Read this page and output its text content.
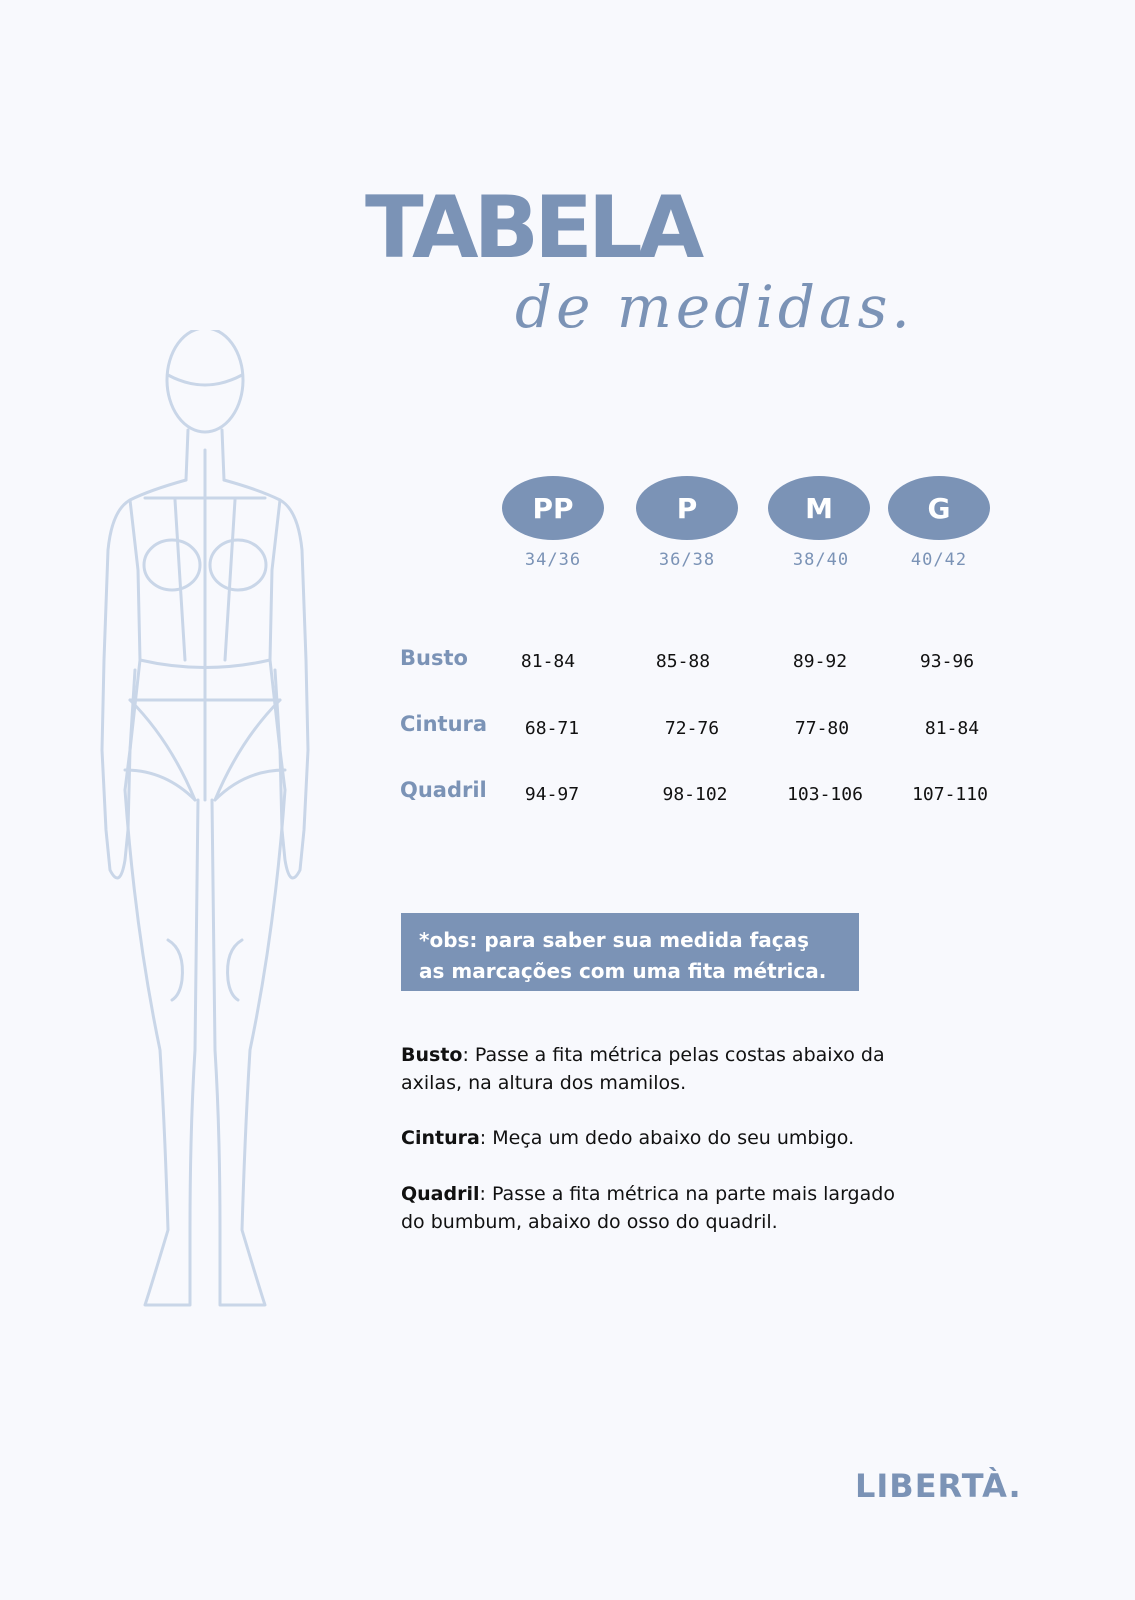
TABELA
de medidas.
PP	P	M	G
34/36	36/38	38/40	40/42
Busto	81-84	85-88	89-92	93-96
Cintura	68-71	72-76	77-80	81-84
Quadril	94-97	98-102	103-106	107-110
*obs: para saber sua medida façaş as marcações com uma fita métrica.
Busto: Passe a fita métrica pelas costas abaixo da axilas, na altura dos mamilos.
Cintura: Meça um dedo abaixo do seu umbigo.
Quadril: Passe a fita métrica na parte mais largado do bumbum, abaixo do osso do quadril.
LIBERTÀ.
